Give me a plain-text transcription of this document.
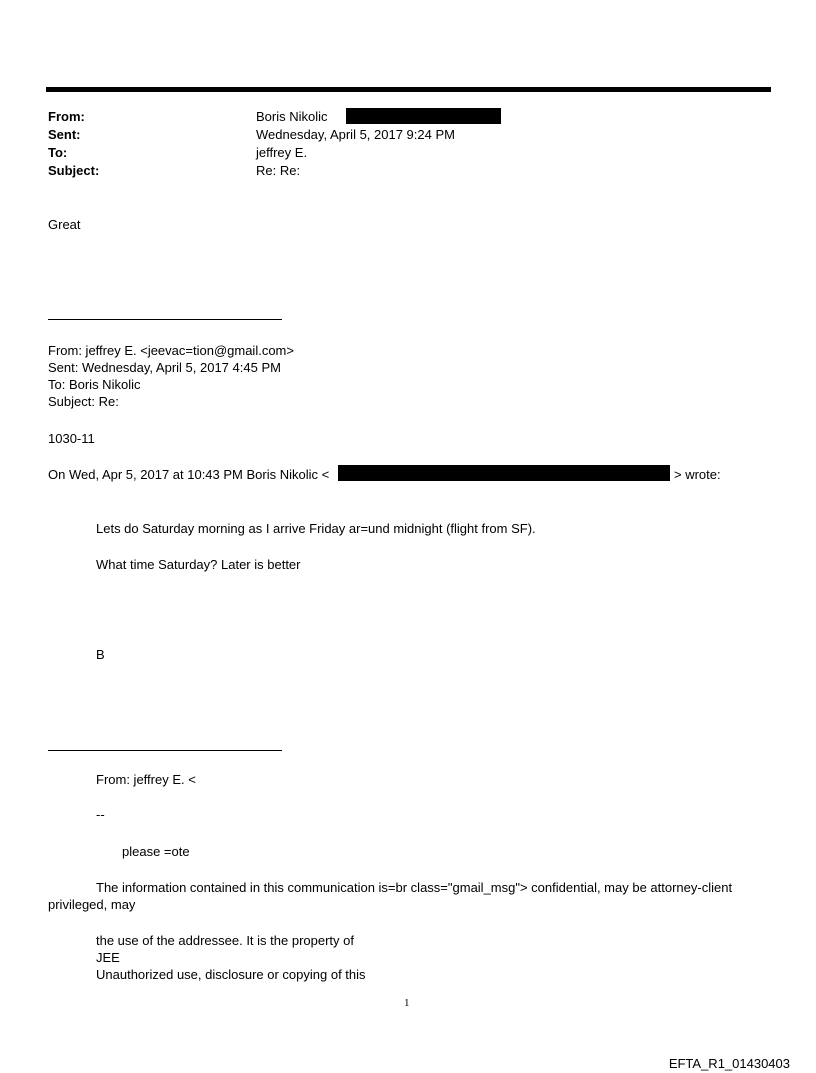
From:	Boris Nikolic
Sent:	Wednesday, April 5, 2017 9:24 PM
To:	jeffrey E.
Subject:	Re: Re:
Great
From: jeffrey E. <jeevac=tion@gmail.com>
Sent: Wednesday, April 5, 2017 4:45 PM
To: Boris Nikolic
Subject: Re:
1030-11
On Wed, Apr 5, 2017 at 10:43 PM Boris Nikolic <	> wrote:
Lets do Saturday morning as I arrive Friday ar=und midnight (flight from SF).
What time Saturday? Later is better
B
From: jeffrey E. <
--
please =ote
The information contained in this communication is=br class="gmail_msg"> confidential, may be attorney-client
privileged, may
the use of the addressee. It is the property of
JEE
Unauthorized use, disclosure or copying of this
1
EFTA_R1_01430403
